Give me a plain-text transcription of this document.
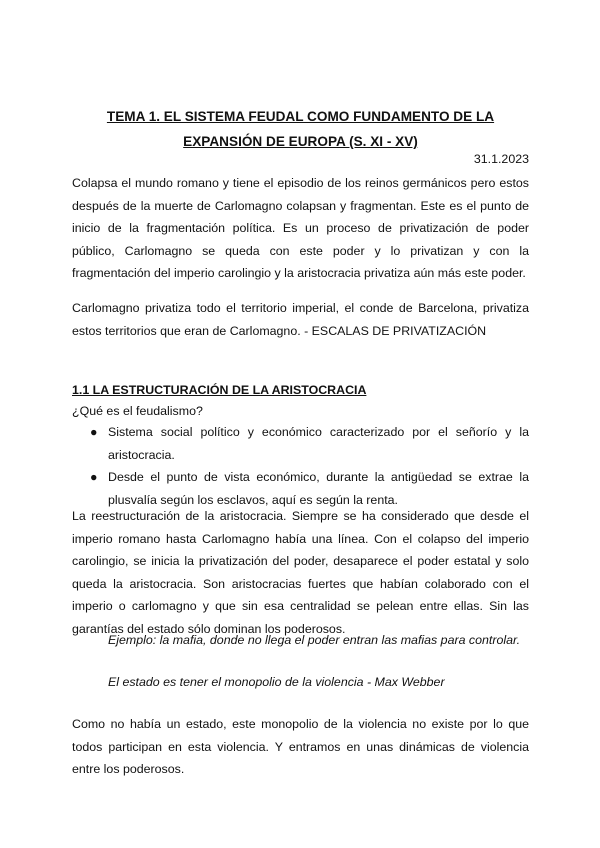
TEMA 1. EL SISTEMA FEUDAL COMO FUNDAMENTO DE LA
EXPANSIÓN DE EUROPA (S. XI - XV)
31.1.2023
Colapsa el mundo romano y tiene el episodio de los reinos germánicos pero estos después de la muerte de Carlomagno colapsan y fragmentan. Este es el punto de inicio de la fragmentación política. Es un proceso de privatización de poder público, Carlomagno se queda con este poder y lo privatizan y con la fragmentación del imperio carolingio y la aristocracia privatiza aún más este poder.
Carlomagno privatiza todo el territorio imperial, el conde de Barcelona, privatiza estos territorios que eran de Carlomagno. - ESCALAS DE PRIVATIZACIÓN
1.1 LA ESTRUCTURACIÓN DE LA ARISTOCRACIA
¿Qué es el feudalismo?
● Sistema social político y económico caracterizado por el señorío y la aristocracia.
● Desde el punto de vista económico, durante la antigüedad se extrae la plusvalía según los esclavos, aquí es según la renta.
La reestructuración de la aristocracia. Siempre se ha considerado que desde el imperio romano hasta Carlomagno había una línea. Con el colapso del imperio carolingio, se inicia la privatización del poder, desaparece el poder estatal y solo queda la aristocracia. Son aristocracias fuertes que habían colaborado con el imperio o carlomagno y que sin esa centralidad se pelean entre ellas. Sin las garantías del estado sólo dominan los poderosos.
Ejemplo: la mafia, donde no llega el poder entran las mafias para controlar.
El estado es tener el monopolio de la violencia - Max Webber
Como no había un estado, este monopolio de la violencia no existe por lo que todos participan en esta violencia. Y entramos en unas dinámicas de violencia entre los poderosos.
